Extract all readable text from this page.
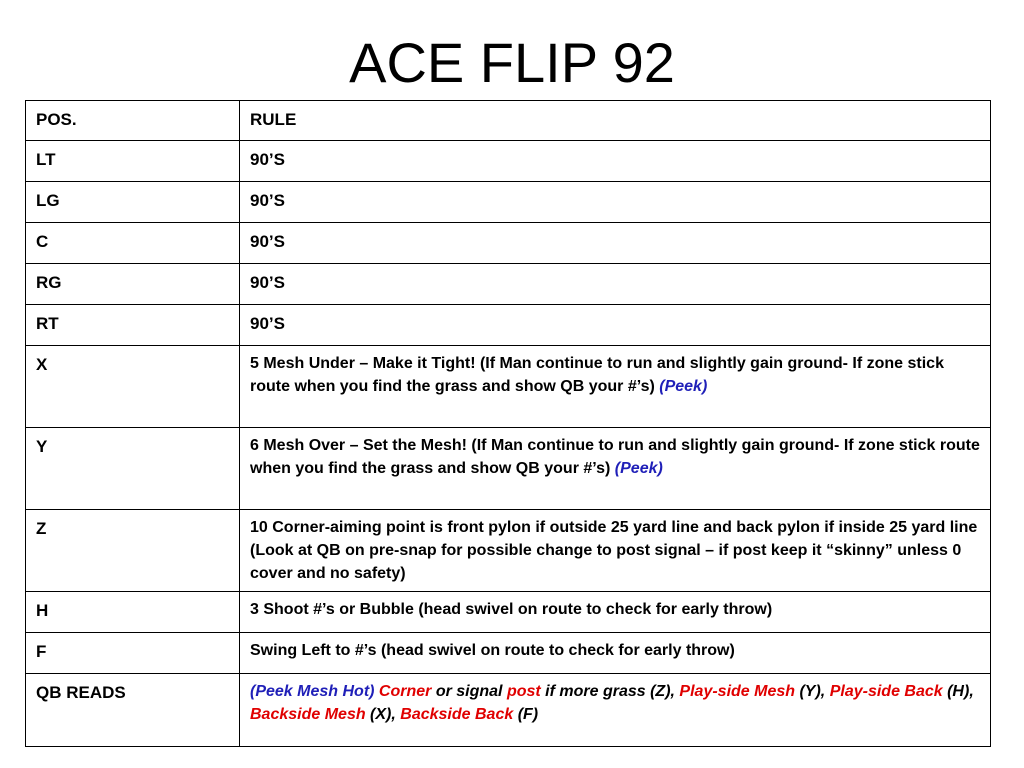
ACE FLIP 92
POS.	RULE
LT	90’S
LG	90’S
C	90’S
RG	90’S
RT	90’S
X	5 Mesh Under – Make it Tight! (If Man continue to run and slightly gain ground- If zone stick route when you find the grass and show QB your #’s) (Peek)
Y	6 Mesh Over – Set the Mesh! (If Man continue to run and slightly gain ground- If zone stick route when you find the grass and show QB your #’s) (Peek)
Z	10 Corner-aiming point is front pylon if outside 25 yard line and back pylon if inside 25 yard line (Look at QB on pre-snap for possible change to post signal – if post keep it “skinny” unless 0 cover and no safety)
H	3 Shoot #’s or Bubble (head swivel on route to check for early throw)
F	Swing Left to #’s (head swivel on route to check for early throw)
QB READS	(Peek Mesh Hot) Corner or signal post if more grass (Z), Play-side Mesh (Y), Play-side Back (H), Backside Mesh (X), Backside Back (F)
